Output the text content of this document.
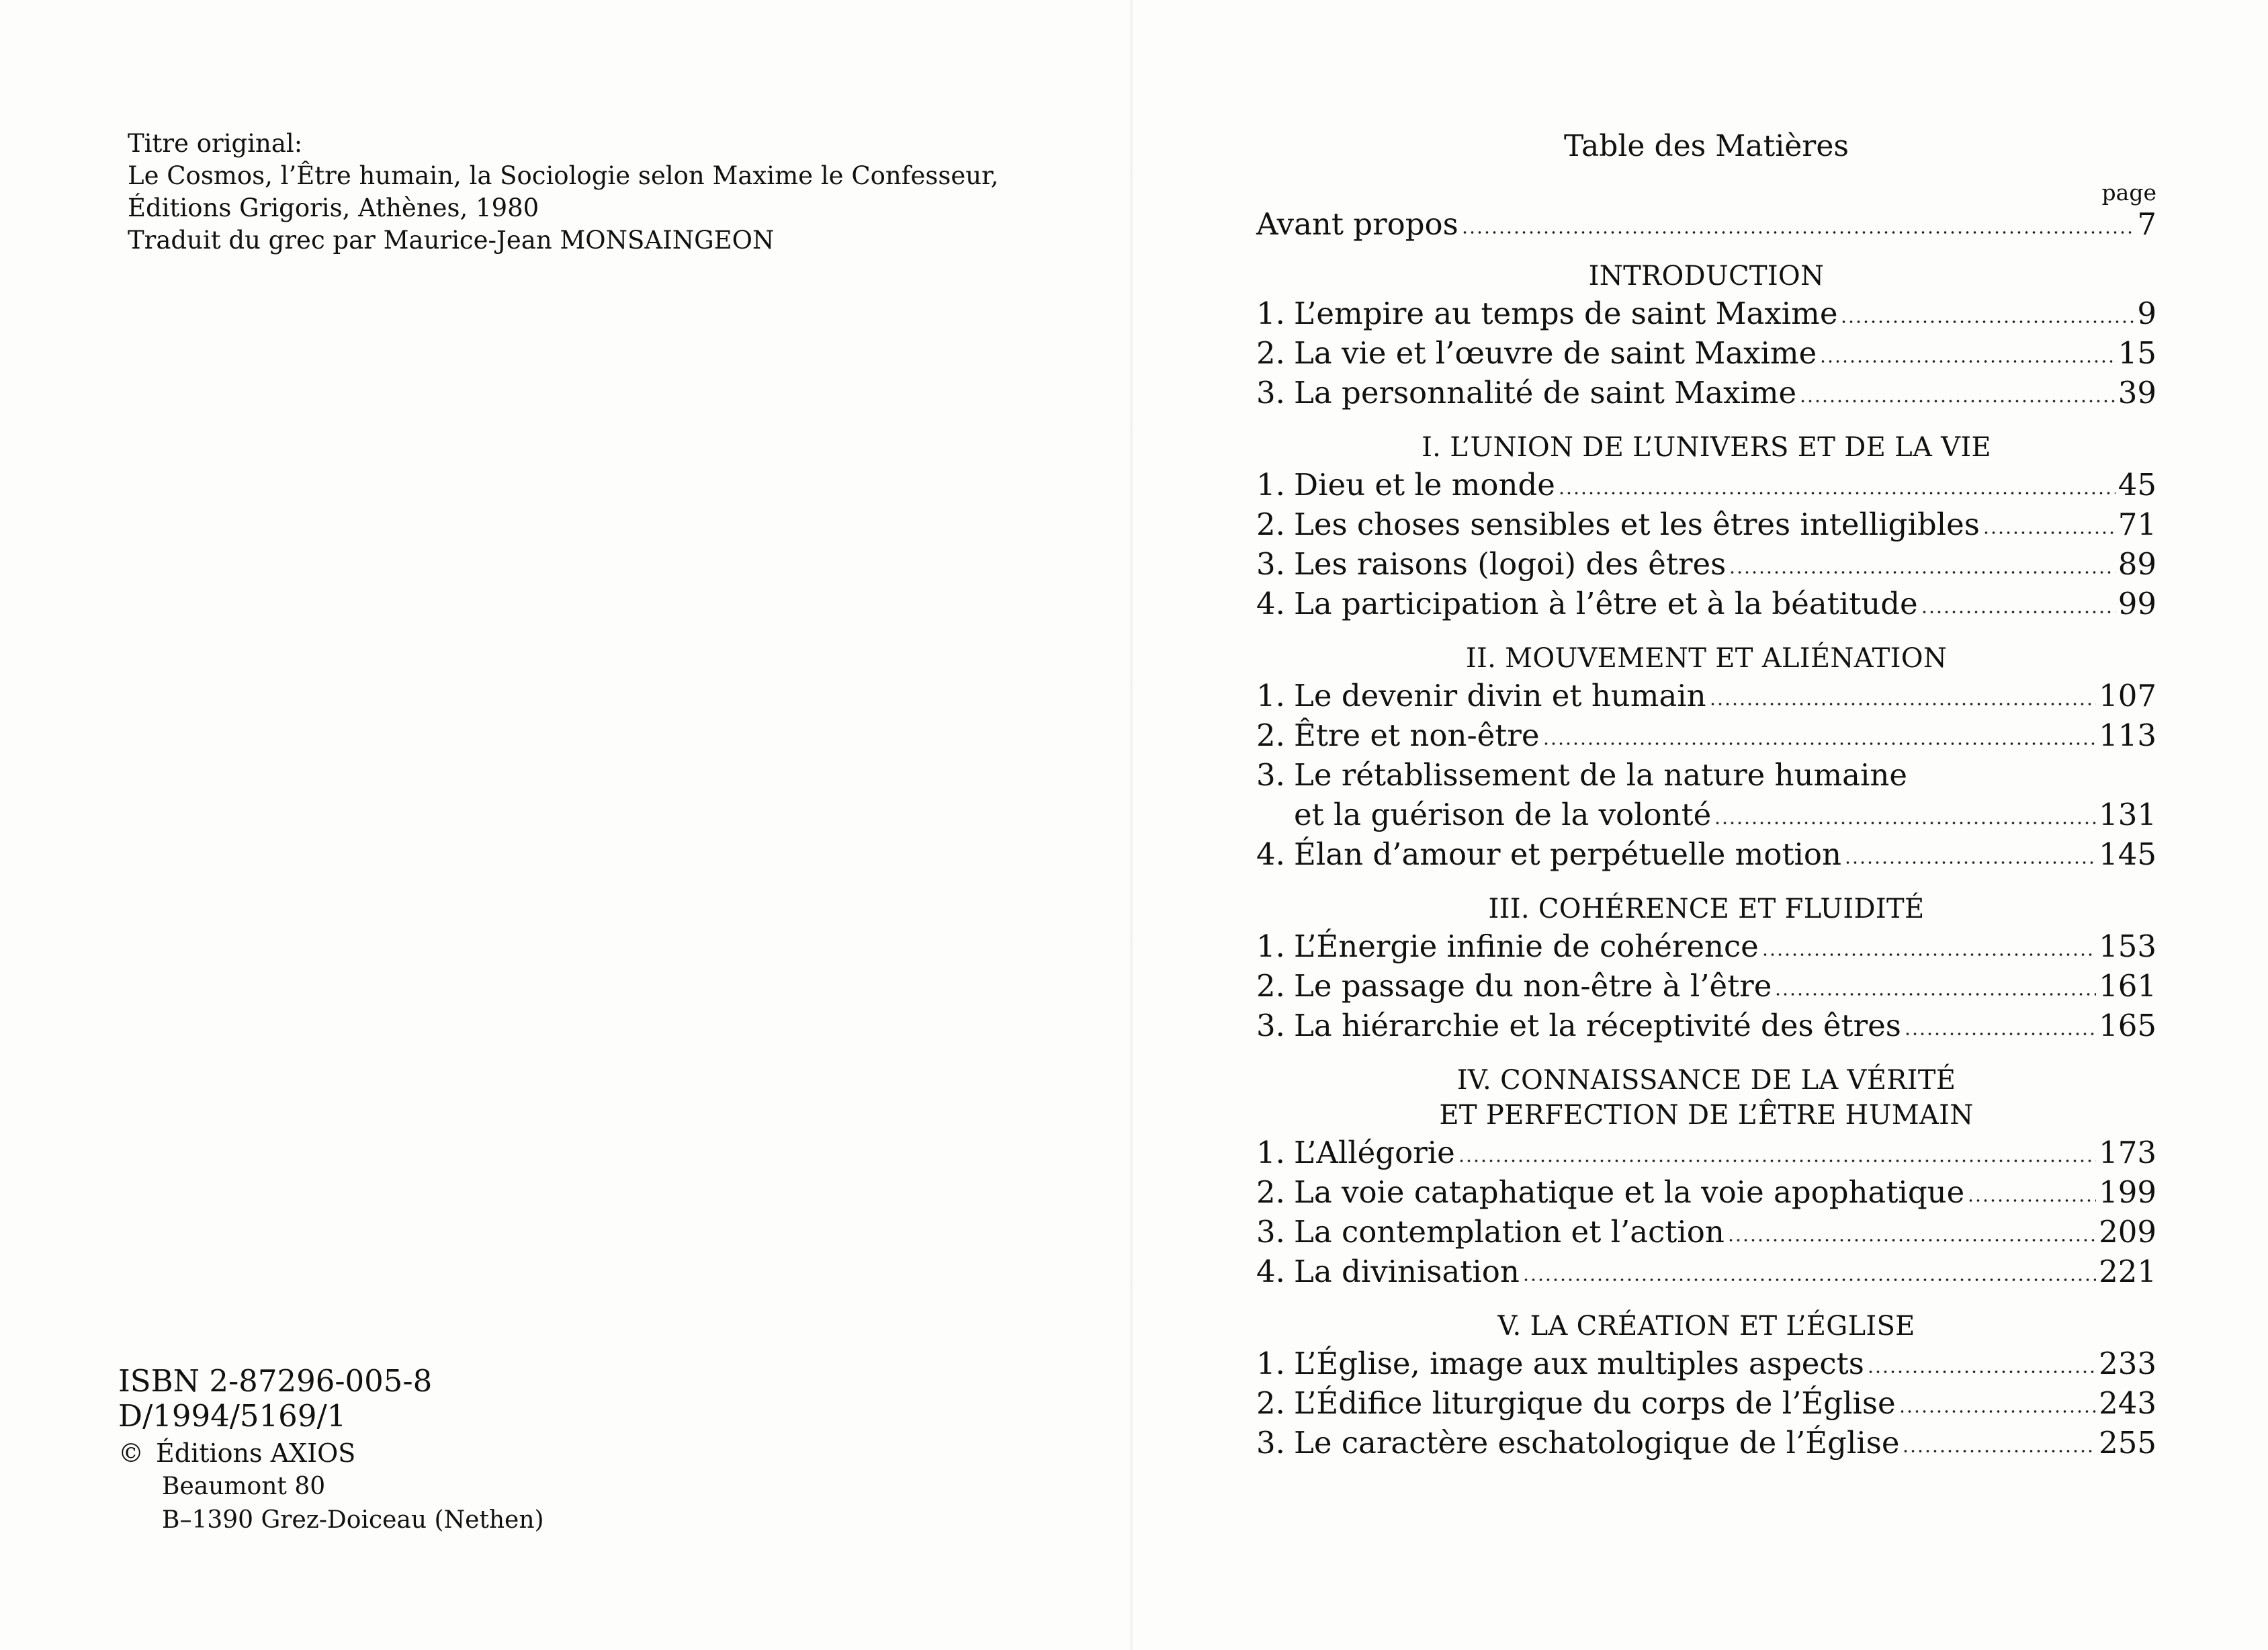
Titre original:
Le Cosmos, l’Être humain, la Sociologie selon Maxime le Confesseur,
Éditions Grigoris, Athènes, 1980
Traduit du grec par Maurice-Jean MONSAINGEON
ISBN 2-87296-005-8
D/1994/5169/1
© Éditions AXIOS
Beaumont 80
B–1390 Grez-Doiceau (Nethen)
Table des Matières
page
Avant propos	7
INTRODUCTION
1. L’empire au temps de saint Maxime	9
2. La vie et l’œuvre de saint Maxime	15
3. La personnalité de saint Maxime	39
I. L’UNION DE L’UNIVERS ET DE LA VIE
1. Dieu et le monde	45
2. Les choses sensibles et les êtres intelligibles	71
3. Les raisons (logoi) des êtres	89
4. La participation à l’être et à la béatitude	99
II. MOUVEMENT ET ALIÉNATION
1. Le devenir divin et humain	107
2. Être et non-être	113
3. Le rétablissement de la nature humaine
et la guérison de la volonté	131
4. Élan d’amour et perpétuelle motion	145
III. COHÉRENCE ET FLUIDITÉ
1. L’Énergie infinie de cohérence	153
2. Le passage du non-être à l’être	161
3. La hiérarchie et la réceptivité des êtres	165
IV. CONNAISSANCE DE LA VÉRITÉ
ET PERFECTION DE L’ÊTRE HUMAIN
1. L’Allégorie	173
2. La voie cataphatique et la voie apophatique	199
3. La contemplation et l’action	209
4. La divinisation	221
V. LA CRÉATION ET L’ÉGLISE
1. L’Église, image aux multiples aspects	233
2. L’Édifice liturgique du corps de l’Église	243
3. Le caractère eschatologique de l’Église	255
